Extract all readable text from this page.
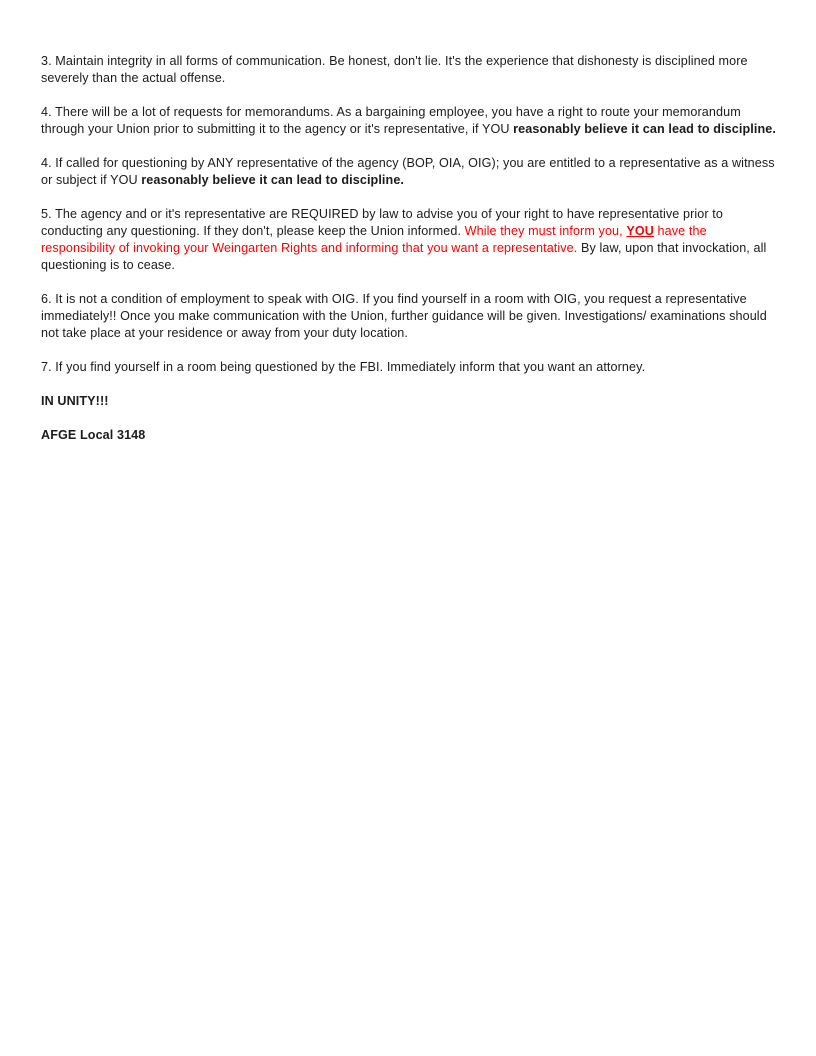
3. Maintain integrity in all forms of communication. Be honest, don't lie. It's the experience that dishonesty is disciplined more severely than the actual offense.

4. There will be a lot of requests for memorandums. As a bargaining employee, you have a right to route your memorandum through your Union prior to submitting it to the agency or it's representative, if YOU reasonably believe it can lead to discipline.

4. If called for questioning by ANY representative of the agency (BOP, OIA, OIG); you are entitled to a representative as a witness or subject if YOU reasonably believe it can lead to discipline.

5. The agency and or it's representative are REQUIRED by law to advise you of your right to have representative prior to conducting any questioning. If they don't, please keep the Union informed. While they must inform you, YOU have the responsibility of invoking your Weingarten Rights and informing that you want a representative. By law, upon that invockation, all questioning is to cease.

6. It is not a condition of employment to speak with OIG. If you find yourself in a room with OIG, you request a representative immediately!! Once you make communication with the Union, further guidance will be given. Investigations/ examinations should not take place at your residence or away from your duty location.

7. If you find yourself in a room being questioned by the FBI. Immediately inform that you want an attorney.

IN UNITY!!!

AFGE Local 3148
